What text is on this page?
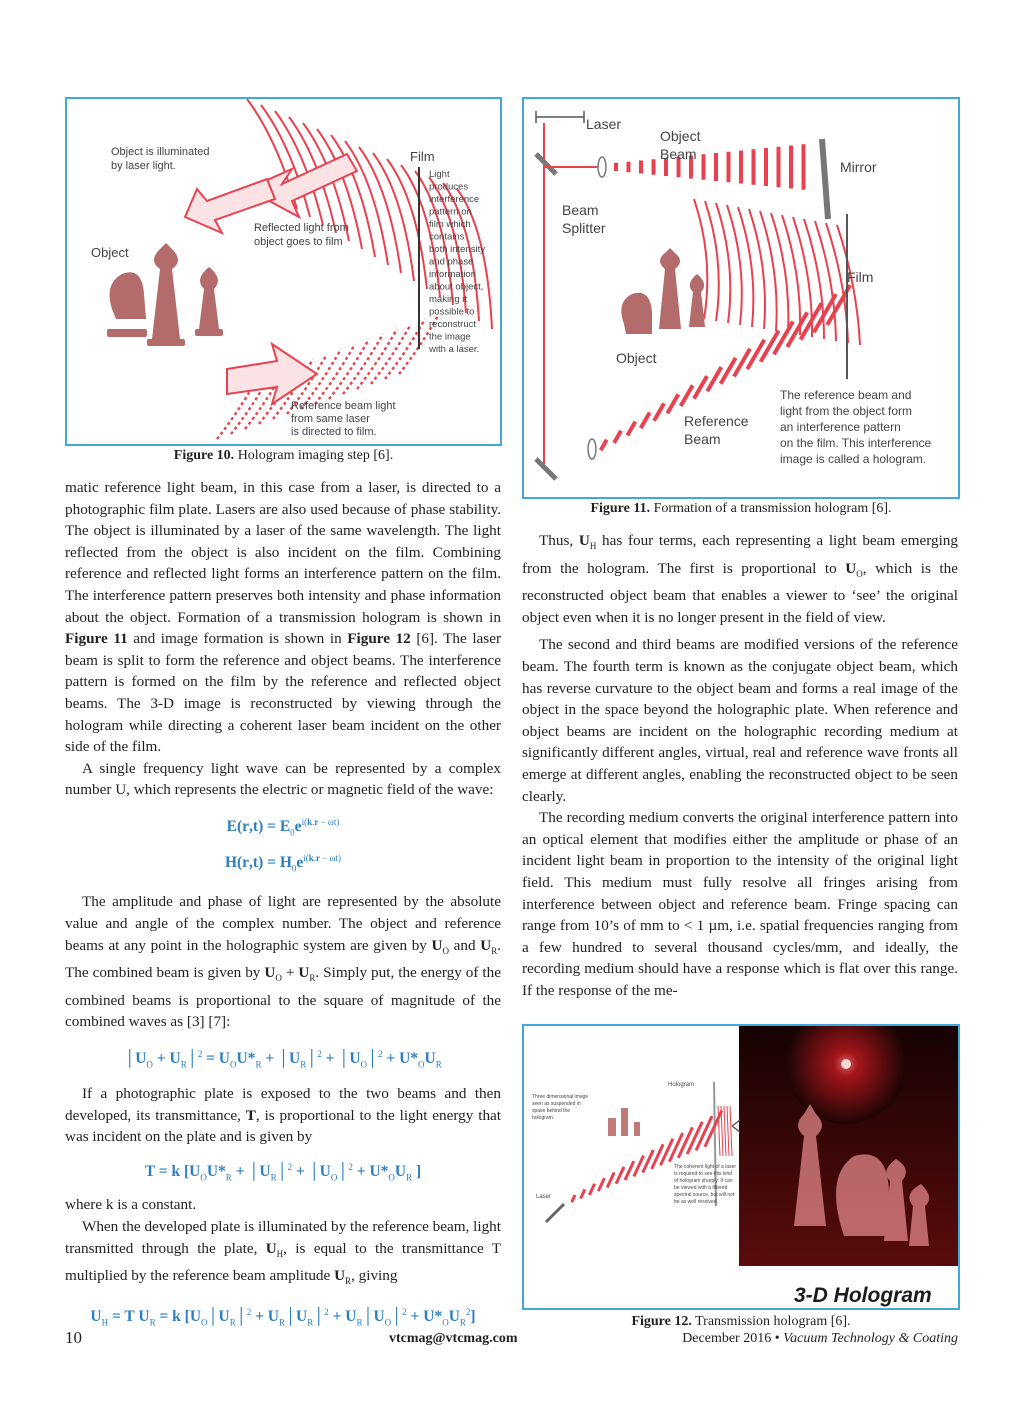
Object is illuminated
by laser light.
Film
Object
Reflected light from
object goes to film
Reference beam light
from same laser
is directed to film.
Light
produces
interference
pattern on
film which
contains
both intensity
and phase
information
about object,
making it
possible to
reconstruct
the image
with a laser.
Figure 10. Hologram imaging step [6].
Laser
Object
Beam
Mirror
Beam
Splitter
Film
Object
Reference
Beam
The reference beam and
light from the object form
an interference pattern
on the film. This interference
image is called a hologram.
Figure 11. Formation of a transmission hologram [6].

matic reference light beam, in this case from a laser, is directed to a photographic film plate. Lasers are also used because of phase stability. The object is illuminated by a laser of the same wavelength. The light reflected from the object is also incident on the film. Combining reference and reflected light forms an interference pattern on the film. The interference pattern preserves both intensity and phase information about the object. Formation of a transmission hologram is shown in Figure 11 and image formation is shown in Figure 12 [6]. The laser beam is split to form the reference and object beams. The interference pattern is formed on the film by the reference and reflected object beams. The 3-D image is reconstructed by viewing through the hologram while directing a coherent laser beam incident on the other side of the film.

A single frequency light wave can be represented by a complex number U, which represents the electric or magnetic field of the wave:

$E(r,t) = E_0e^{i(k.r - \omega t)}$
$H(r,t) = H_0e^{i(k.r - \omega t)}$

The amplitude and phase of light are represented by the absolute value and angle of the complex number. The object and reference beams at any point in the holographic system are given by $U_O$ and $U_R$. The combined beam is given by $U_O + U_R$. Simply put, the energy of the combined beams is proportional to the square of magnitude of the combined waves as [3] [7]:

$│U_O$ + $U_R│^2 = U_OU*_R$ + $│U_R│^2$ + $│U_O│^2 + U*_OU_R$

If a photographic plate is exposed to the two beams and then developed, its transmittance, T, is proportional to the light energy that was incident on the plate and is given by

T = k [$U_OU*_R$ + $│U_R│^2$ + $│U_O│^2 + U*_OU_R$ ]

where k is a constant.

When the developed plate is illuminated by the reference beam, light transmitted through the plate, $U_H$, is equal to the transmittance T multiplied by the reference beam amplitude $U_R$, giving

$U_H = T$ $U_R = k$ [$U_O│U_R│^2$ + $U_R│U_R│^2$ + $U_R│U_O│^2 + U*_OU_R^2$]

Thus, $U_H$ has four terms, each representing a light beam emerging from the hologram. The first is proportional to $U_O$, which is the reconstructed object beam that enables a viewer to ‘see’ the original object even when it is no longer present in the field of view.

The second and third beams are modified versions of the reference beam. The fourth term is known as the conjugate object beam, which has reverse curvature to the object beam and forms a real image of the object in the space beyond the holographic plate. When reference and object beams are incident on the holographic recording medium at significantly different angles, virtual, real and reference wave fronts all emerge at different angles, enabling the reconstructed object to be seen clearly.

The recording medium converts the original interference pattern into an optical element that modifies either the amplitude or phase of an incident light beam in proportion to the intensity of the original light field. This medium must fully resolve all fringes arising from interference between object and reference beam. Fringe spacing can range from 10’s of mm to < 1 µm, i.e. spatial frequencies ranging from a few hundred to several thousand cycles/mm, and ideally, the recording medium should have a response which is flat over this range. If the response of the me-

Hologram
Three dimensional image
seen as suspended in
space behind the
hologram.
The coherent light of a laser
is required to see this kind
of hologram sharply. It can
be viewed with a filtered
spectral source, but will not
be as well resolved.
Laser
3-D Hologram
Figure 12. Transmission hologram [6].
10	vtcmag@vtcmag.com	December 2016 • Vacuum Technology & Coating
